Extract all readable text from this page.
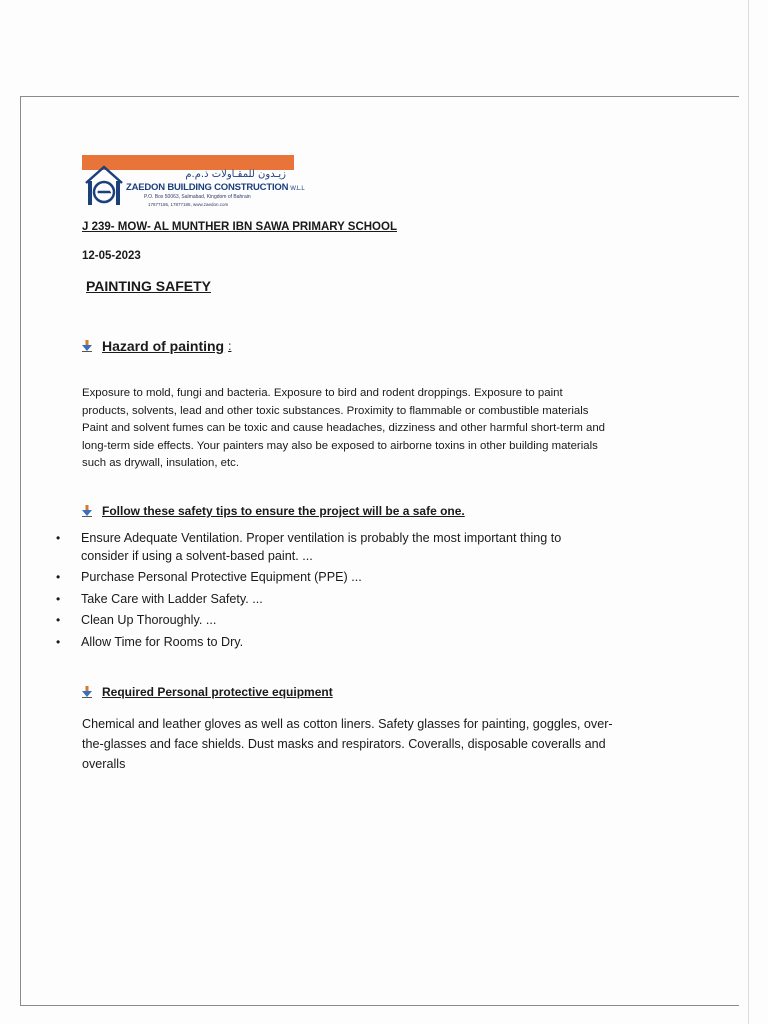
زيـدون للمقـاولات ذ.م.م
ZAEDON BUILDING CONSTRUCTION W.L.L
P.O. Box 50063, Salmabad, Kingdom of Bahrain
17877186, 17877185, www.zaedon.com
J 239- MOW- AL MUNTHER IBN SAWA PRIMARY SCHOOL
12-05-2023
PAINTING SAFETY
Hazard of painting :
Exposure to mold, fungi and bacteria. Exposure to bird and rodent droppings. Exposure to paint
products, solvents, lead and other toxic substances. Proximity to flammable or combustible materials
Paint and solvent fumes can be toxic and cause headaches, dizziness and other harmful short-term and
long-term side effects. Your painters may also be exposed to airborne toxins in other building materials
such as drywall, insulation, etc.
Follow these safety tips to ensure the project will be a safe one.
• Ensure Adequate Ventilation. Proper ventilation is probably the most important thing to
consider if using a solvent-based paint. ...
• Purchase Personal Protective Equipment (PPE) ...
• Take Care with Ladder Safety. ...
• Clean Up Thoroughly. ...
• Allow Time for Rooms to Dry.
Required Personal protective equipment
Chemical and leather gloves as well as cotton liners. Safety glasses for painting, goggles, over-
the-glasses and face shields. Dust masks and respirators. Coveralls, disposable coveralls and
overalls
